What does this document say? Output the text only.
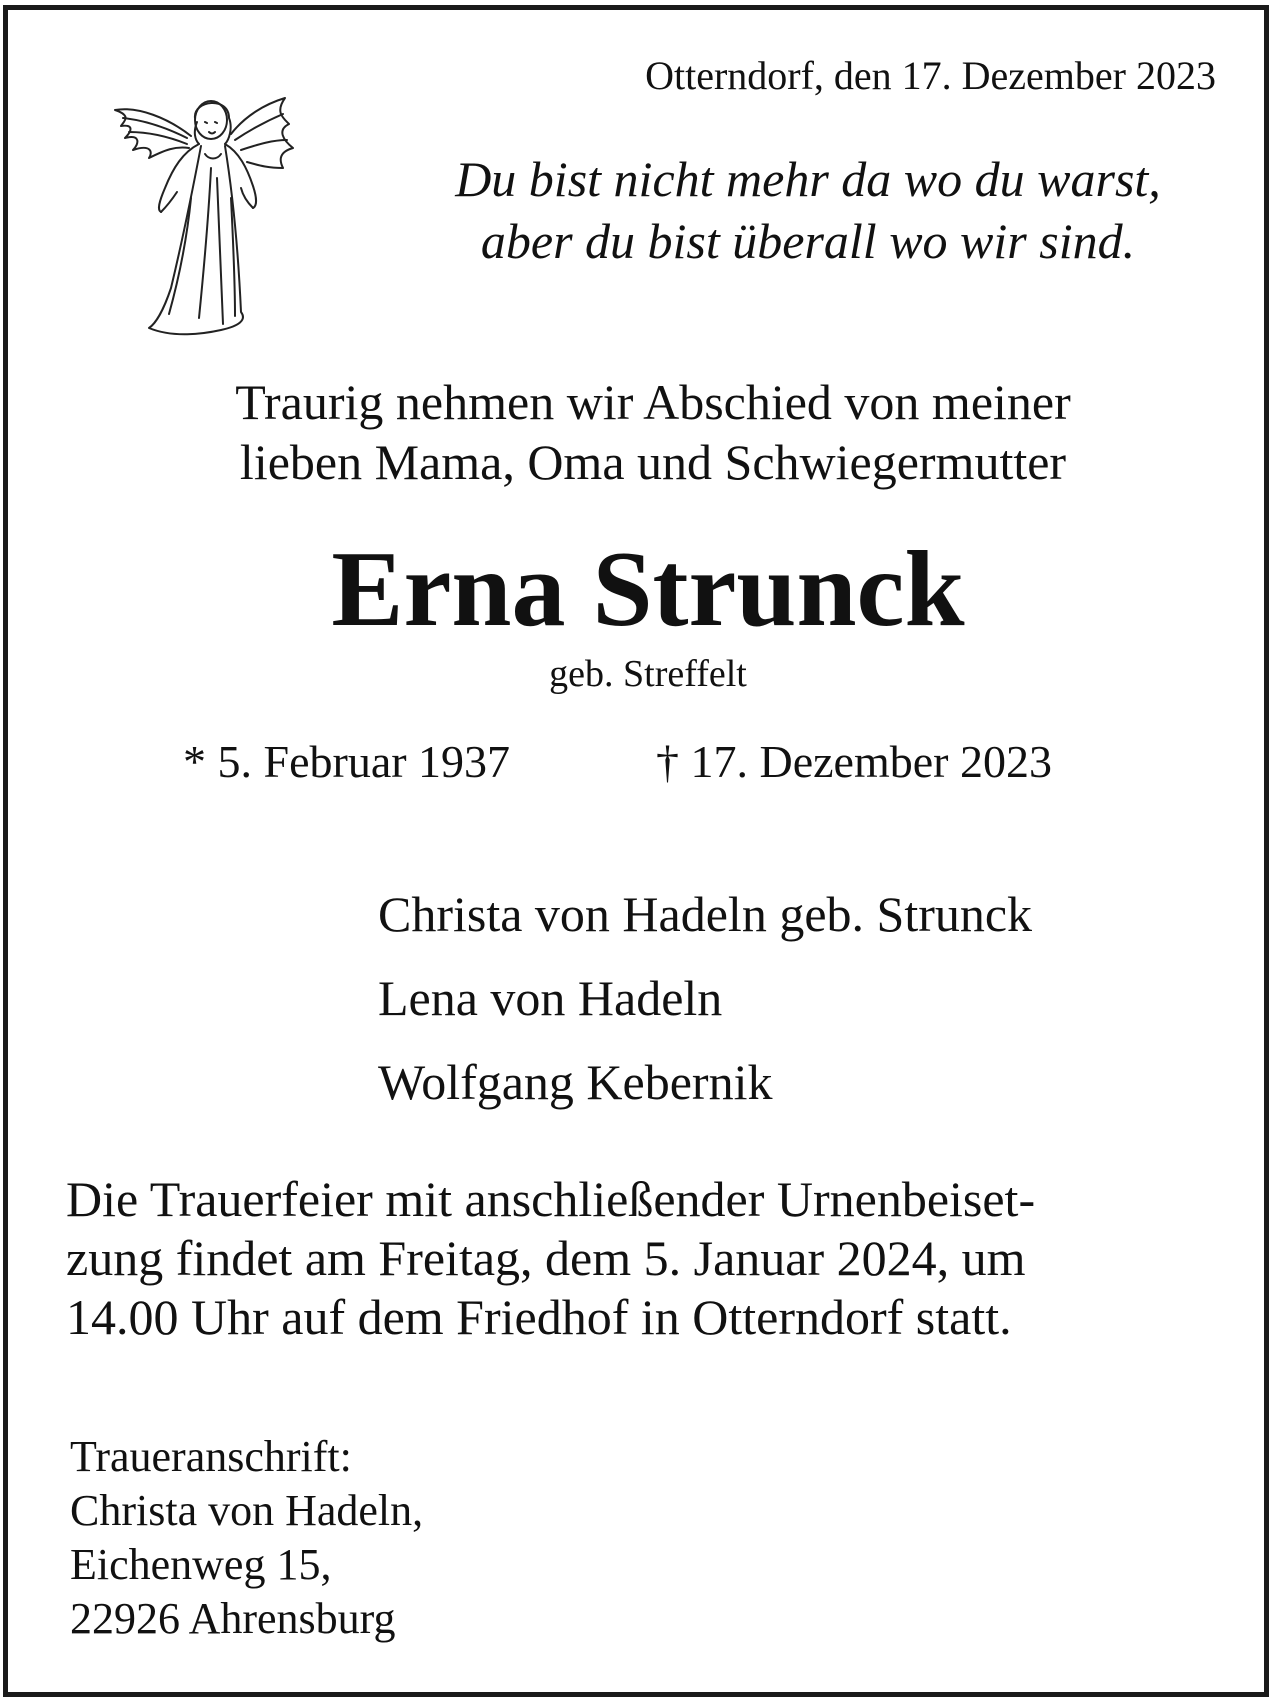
Otterndorf, den 17. Dezember 2023

Du bist nicht mehr da wo du warst,
aber du bist überall wo wir sind.
Traurig nehmen wir Abschied von meiner
lieben Mama, Oma und Schwiegermutter
Erna Strunck
geb. Streffelt
* 5. Februar 1937	† 17. Dezember 2023
Christa von Hadeln geb. Strunck
Lena von Hadeln
Wolfgang Kebernik
Die Trauerfeier mit anschließender Urnenbeiset-
zung findet am Freitag, dem 5. Januar 2024, um
14.00 Uhr auf dem Friedhof in Otterndorf statt.
Traueranschrift:
Christa von Hadeln,
Eichenweg 15,
22926 Ahrensburg
